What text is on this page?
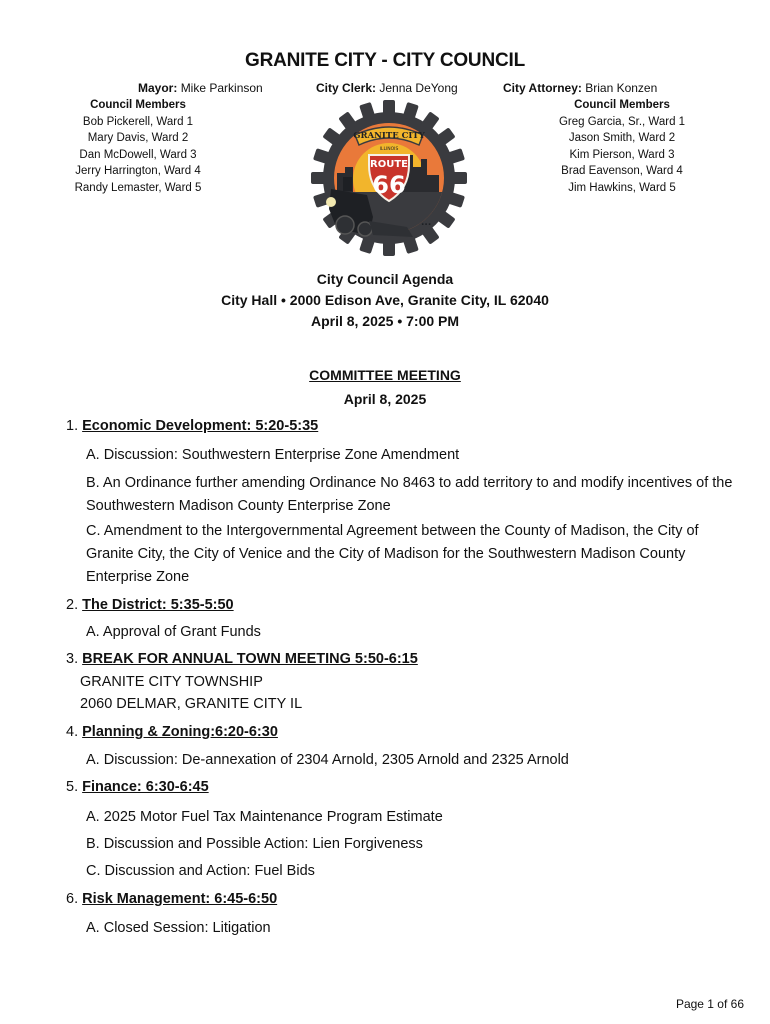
GRANITE CITY - CITY COUNCIL
Mayor: Mike Parkinson	City Clerk: Jenna DeYong	City Attorney: Brian Konzen
Council Members
Bob Pickerell, Ward 1
Mary Davis, Ward 2
Dan McDowell, Ward 3
Jerry Harrington, Ward 4
Randy Lemaster, Ward 5
Council Members
Greg Garcia, Sr., Ward 1
Jason Smith, Ward 2
Kim Pierson, Ward 3
Brad Eavenson, Ward 4
Jim Hawkins, Ward 5
GRANITE CITY
ILLINOIS
ROUTE
66
...
City Council Agenda
City Hall • 2000 Edison Ave, Granite City, IL 62040
April 8, 2025 • 7:00 PM
COMMITTEE MEETING
April 8, 2025
1. Economic Development: 5:20-5:35
A. Discussion: Southwestern Enterprise Zone Amendment
B. An Ordinance further amending Ordinance No 8463 to add territory to and modify incentives of the Southwestern Madison County Enterprise Zone
C. Amendment to the Intergovernmental Agreement between the County of Madison, the City of Granite City, the City of Venice and the City of Madison for the Southwestern Madison County Enterprise Zone
2. The District: 5:35-5:50
A. Approval of Grant Funds
3. BREAK FOR ANNUAL TOWN MEETING 5:50-6:15
GRANITE CITY TOWNSHIP
2060 DELMAR, GRANITE CITY IL
4. Planning & Zoning:6:20-6:30
A. Discussion: De-annexation of 2304 Arnold, 2305 Arnold and 2325 Arnold
5. Finance: 6:30-6:45
A. 2025 Motor Fuel Tax Maintenance Program Estimate
B. Discussion and Possible Action: Lien Forgiveness
C. Discussion and Action: Fuel Bids
6. Risk Management: 6:45-6:50
A. Closed Session: Litigation
Page 1 of 66
